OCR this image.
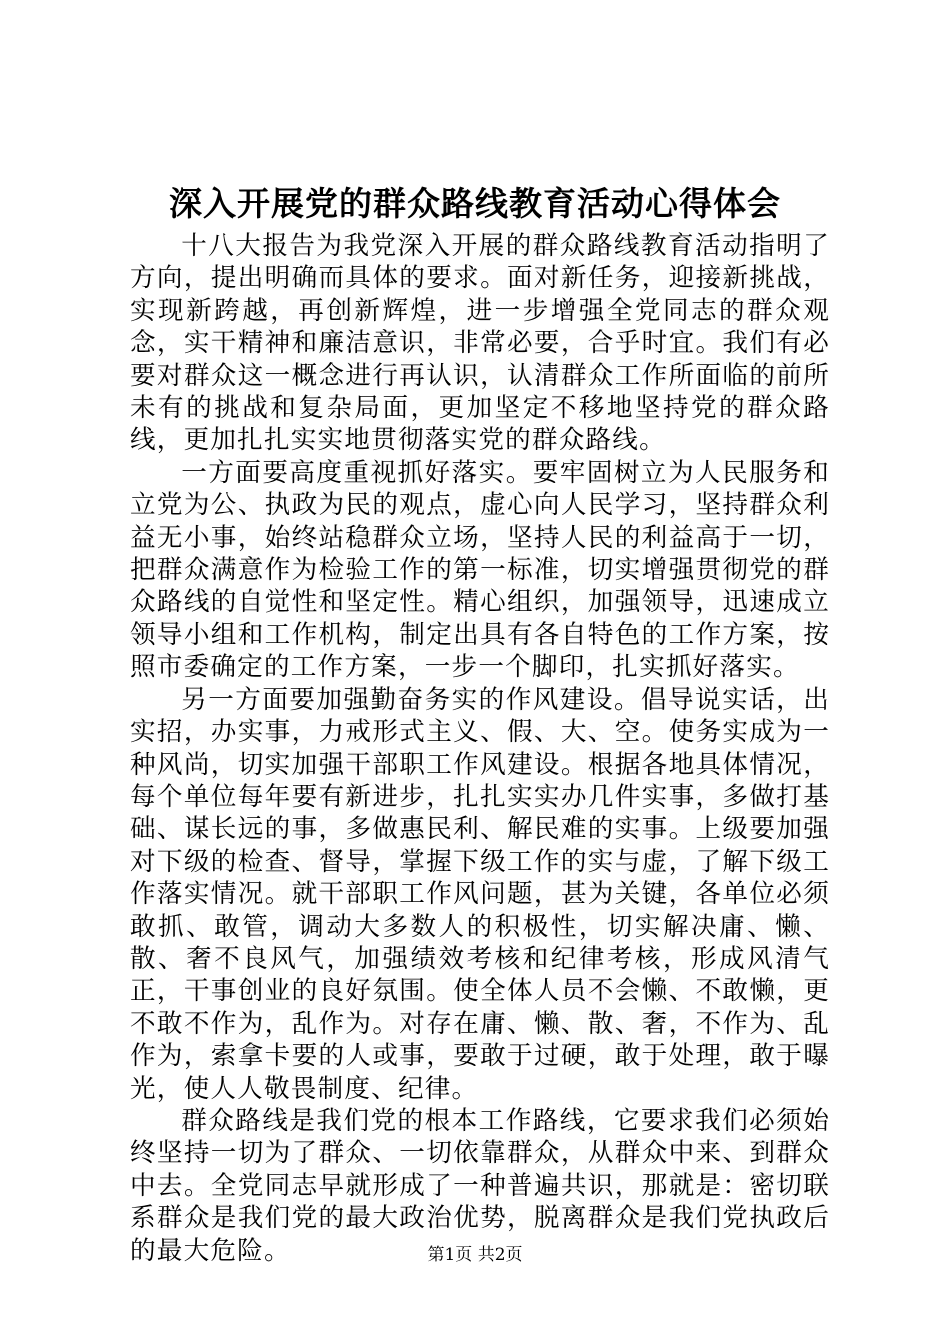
深入开展党的群众路线教育活动心得体会

十八大报告为我党深入开展的群众路线教育活动指明了方向，提出明确而具体的要求。面对新任务，迎接新挑战，实现新跨越，再创新辉煌，进一步增强全党同志的群众观念，实干精神和廉洁意识，非常必要，合乎时宜。我们有必要对群众这一概念进行再认识，认清群众工作所面临的前所未有的挑战和复杂局面，更加坚定不移地坚持党的群众路线，更加扎扎实实地贯彻落实党的群众路线。

一方面要高度重视抓好落实。要牢固树立为人民服务和立党为公、执政为民的观点，虚心向人民学习，坚持群众利益无小事，始终站稳群众立场，坚持人民的利益高于一切，把群众满意作为检验工作的第一标准，切实增强贯彻党的群众路线的自觉性和坚定性。精心组织，加强领导，迅速成立领导小组和工作机构，制定出具有各自特色的工作方案，按照市委确定的工作方案，一步一个脚印，扎实抓好落实。

另一方面要加强勤奋务实的作风建设。倡导说实话，出实招，办实事，力戒形式主义、假、大、空。使务实成为一种风尚，切实加强干部职工作风建设。根据各地具体情况，每个单位每年要有新进步，扎扎实实办几件实事，多做打基础、谋长远的事，多做惠民利、解民难的实事。上级要加强对下级的检查、督导，掌握下级工作的实与虚，了解下级工作落实情况。就干部职工作风问题，甚为关键，各单位必须敢抓、敢管，调动大多数人的积极性，切实解决庸、懒、散、奢不良风气，加强绩效考核和纪律考核，形成风清气正，干事创业的良好氛围。使全体人员不会懒、不敢懒，更不敢不作为，乱作为。对存在庸、懒、散、奢，不作为、乱作为，索拿卡要的人或事，要敢于过硬，敢于处理，敢于曝光，使人人敬畏制度、纪律。

群众路线是我们党的根本工作路线，它要求我们必须始终坚持一切为了群众、一切依靠群众，从群众中来、到群众中去。全党同志早就形成了一种普遍共识，那就是：密切联系群众是我们党的最大政治优势，脱离群众是我们党执政后的最大危险。	第1页 共2页
